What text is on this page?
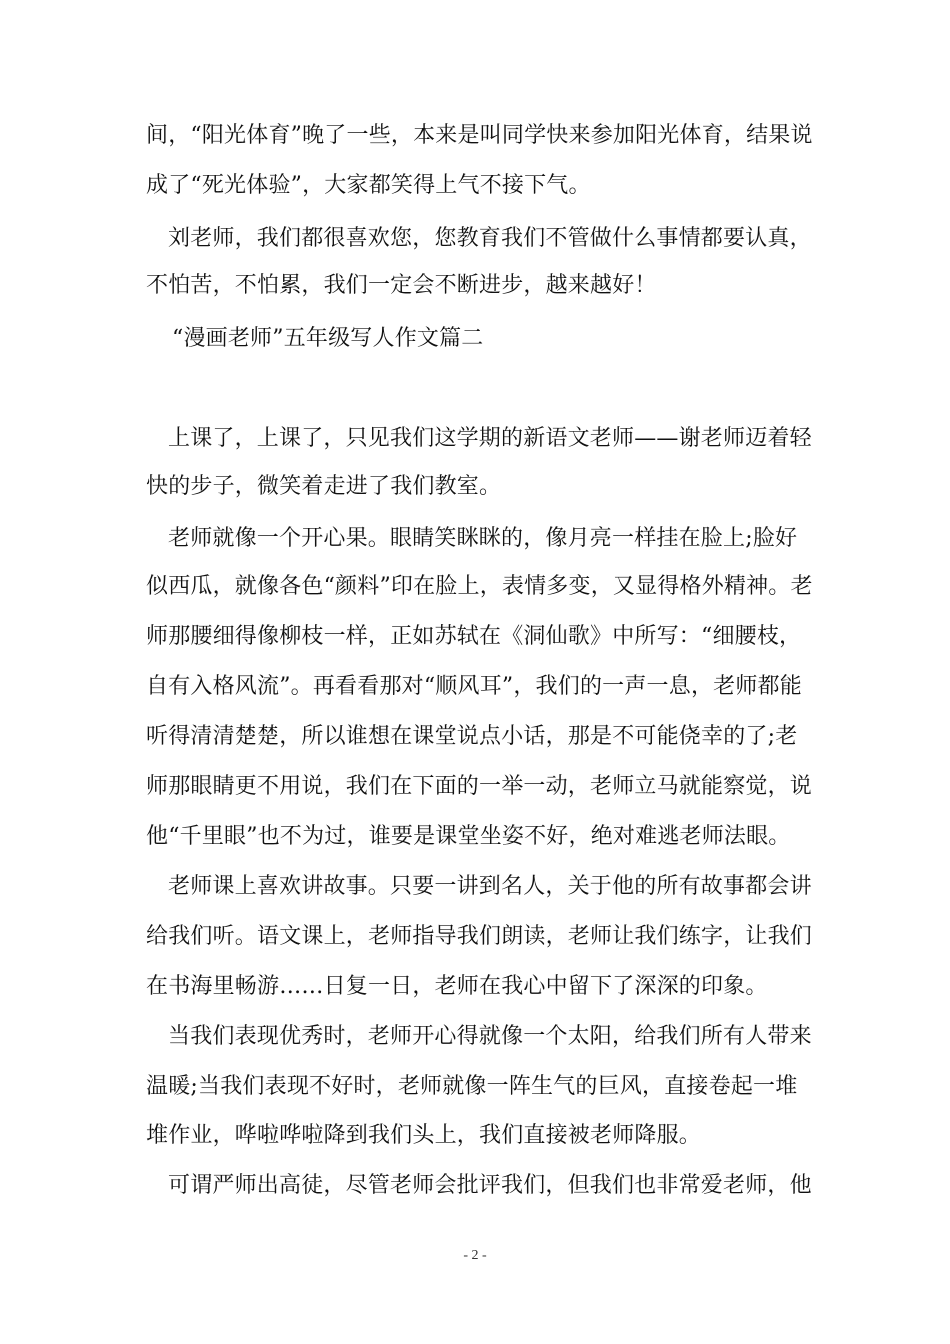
间，“阳光体育”晚了一些，本来是叫同学快来参加阳光体育，结果说
成了“死光体验”，大家都笑得上气不接下气。
刘老师，我们都很喜欢您，您教育我们不管做什么事情都要认真，
不怕苦，不怕累，我们一定会不断进步，越来越好！
“漫画老师”五年级写人作文篇二
上课了，上课了，只见我们这学期的新语文老师——谢老师迈着轻
快的步子，微笑着走进了我们教室。
老师就像一个开心果。眼睛笑眯眯的，像月亮一样挂在脸上;脸好
似西瓜，就像各色“颜料”印在脸上，表情多变，又显得格外精神。老
师那腰细得像柳枝一样，正如苏轼在《洞仙歌》中所写：“细腰枝，
自有入格风流”。再看看那对“顺风耳”，我们的一声一息，老师都能
听得清清楚楚，所以谁想在课堂说点小话，那是不可能侥幸的了;老
师那眼睛更不用说，我们在下面的一举一动，老师立马就能察觉，说
他“千里眼”也不为过，谁要是课堂坐姿不好，绝对难逃老师法眼。
老师课上喜欢讲故事。只要一讲到名人，关于他的所有故事都会讲
给我们听。语文课上，老师指导我们朗读，老师让我们练字，让我们
在书海里畅游……日复一日，老师在我心中留下了深深的印象。
当我们表现优秀时，老师开心得就像一个太阳，给我们所有人带来
温暖;当我们表现不好时，老师就像一阵生气的巨风，直接卷起一堆
堆作业，哗啦哗啦降到我们头上，我们直接被老师降服。
可谓严师出高徒，尽管老师会批评我们，但我们也非常爱老师，他
- 2 -
